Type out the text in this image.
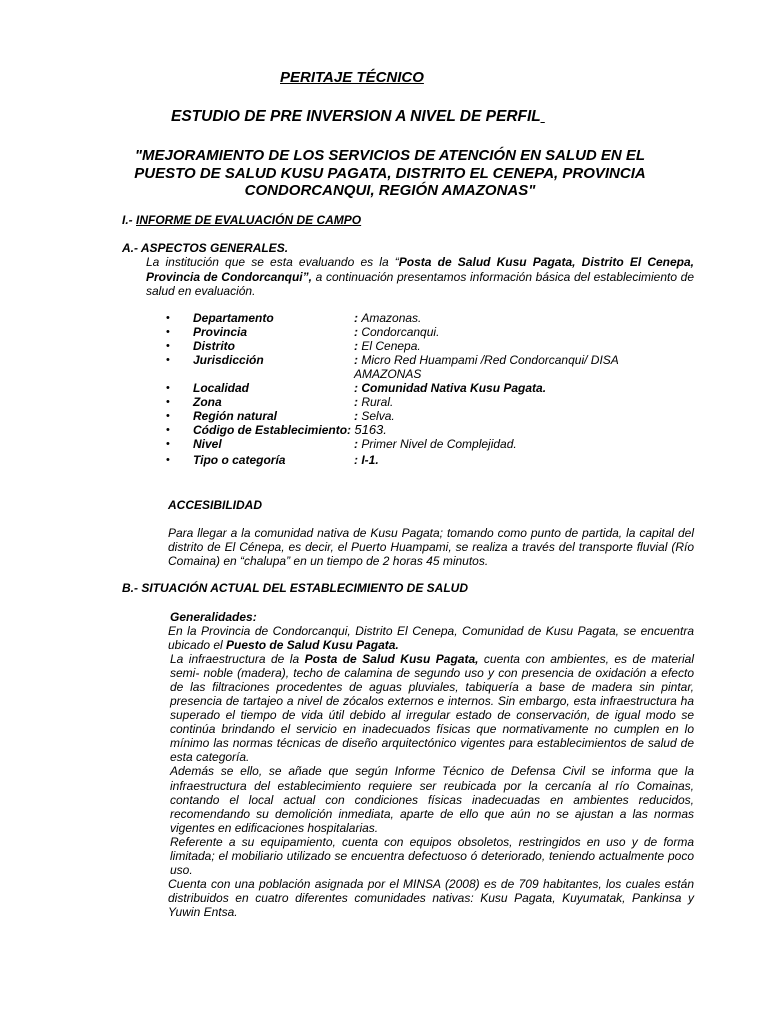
PERITAJE TÉCNICO
ESTUDIO DE PRE INVERSION A NIVEL DE PERFIL
"MEJORAMIENTO DE LOS SERVICIOS DE ATENCIÓN EN SALUD EN EL PUESTO DE SALUD KUSU PAGATA, DISTRITO EL CENEPA, PROVINCIA CONDORCANQUI, REGIÓN AMAZONAS"
I.- INFORME DE EVALUACIÓN DE CAMPO
A.- ASPECTOS GENERALES.
La institución que se esta evaluando es la “Posta de Salud Kusu Pagata, Distrito El Cenepa, Provincia de Condorcanqui”, a continuación presentamos información básica del establecimiento de salud en evaluación.
•	Departamento	: Amazonas.
•	Provincia	: Condorcanqui.
•	Distrito	: El Cenepa.
•	Jurisdicción	: Micro Red Huampami /Red Condorcanqui/ DISA AMAZONAS
•	Localidad	: Comunidad Nativa Kusu Pagata.
•	Zona	: Rural.
•	Región natural	: Selva.
•	Código de Establecimiento: 5163.
•	Nivel	: Primer Nivel de Complejidad.
•	Tipo o categoría	: I-1.
ACCESIBILIDAD
Para llegar a la comunidad nativa de Kusu Pagata; tomando como punto de partida, la capital del distrito de El Cénepa, es decir, el Puerto Huampami, se realiza a través del transporte fluvial (Río Comaina) en “chalupa” en un tiempo de 2 horas 45 minutos.
B.- SITUACIÓN ACTUAL DEL ESTABLECIMIENTO DE SALUD
Generalidades:

En la Provincia de Condorcanqui, Distrito El Cenepa, Comunidad de Kusu Pagata, se encuentra ubicado el Puesto de Salud Kusu Pagata.

La infraestructura de la Posta de Salud Kusu Pagata, cuenta con ambientes, es de material semi- noble (madera), techo de calamina de segundo uso y con presencia de oxidación a efecto de las filtraciones procedentes de aguas pluviales, tabiquería a base de madera sin pintar, presencia de tartajeo a nivel de zócalos externos e internos. Sin embargo, esta infraestructura ha superado el tiempo de vida útil debido al irregular estado de conservación, de igual modo se continúa brindando el servicio en inadecuados físicas que normativamente no cumplen en lo mínimo las normas técnicas de diseño arquitectónico vigentes para establecimientos de salud de esta categoría.

Además se ello, se añade que según Informe Técnico de Defensa Civil se informa que la infraestructura del establecimiento requiere ser reubicada por la cercanía al río Comainas, contando el local actual con condiciones físicas inadecuadas en ambientes reducidos, recomendando su demolición inmediata, aparte de ello que aún no se ajustan a las normas vigentes en edificaciones hospitalarias.

Referente a su equipamiento, cuenta con equipos obsoletos, restringidos en uso y de forma limitada; el mobiliario utilizado se encuentra defectuoso ó deteriorado, teniendo actualmente poco uso.

Cuenta con una población asignada por el MINSA (2008) es de 709 habitantes, los cuales están distribuidos en cuatro diferentes comunidades nativas: Kusu Pagata, Kuyumatak, Pankinsa y Yuwin Entsa.
